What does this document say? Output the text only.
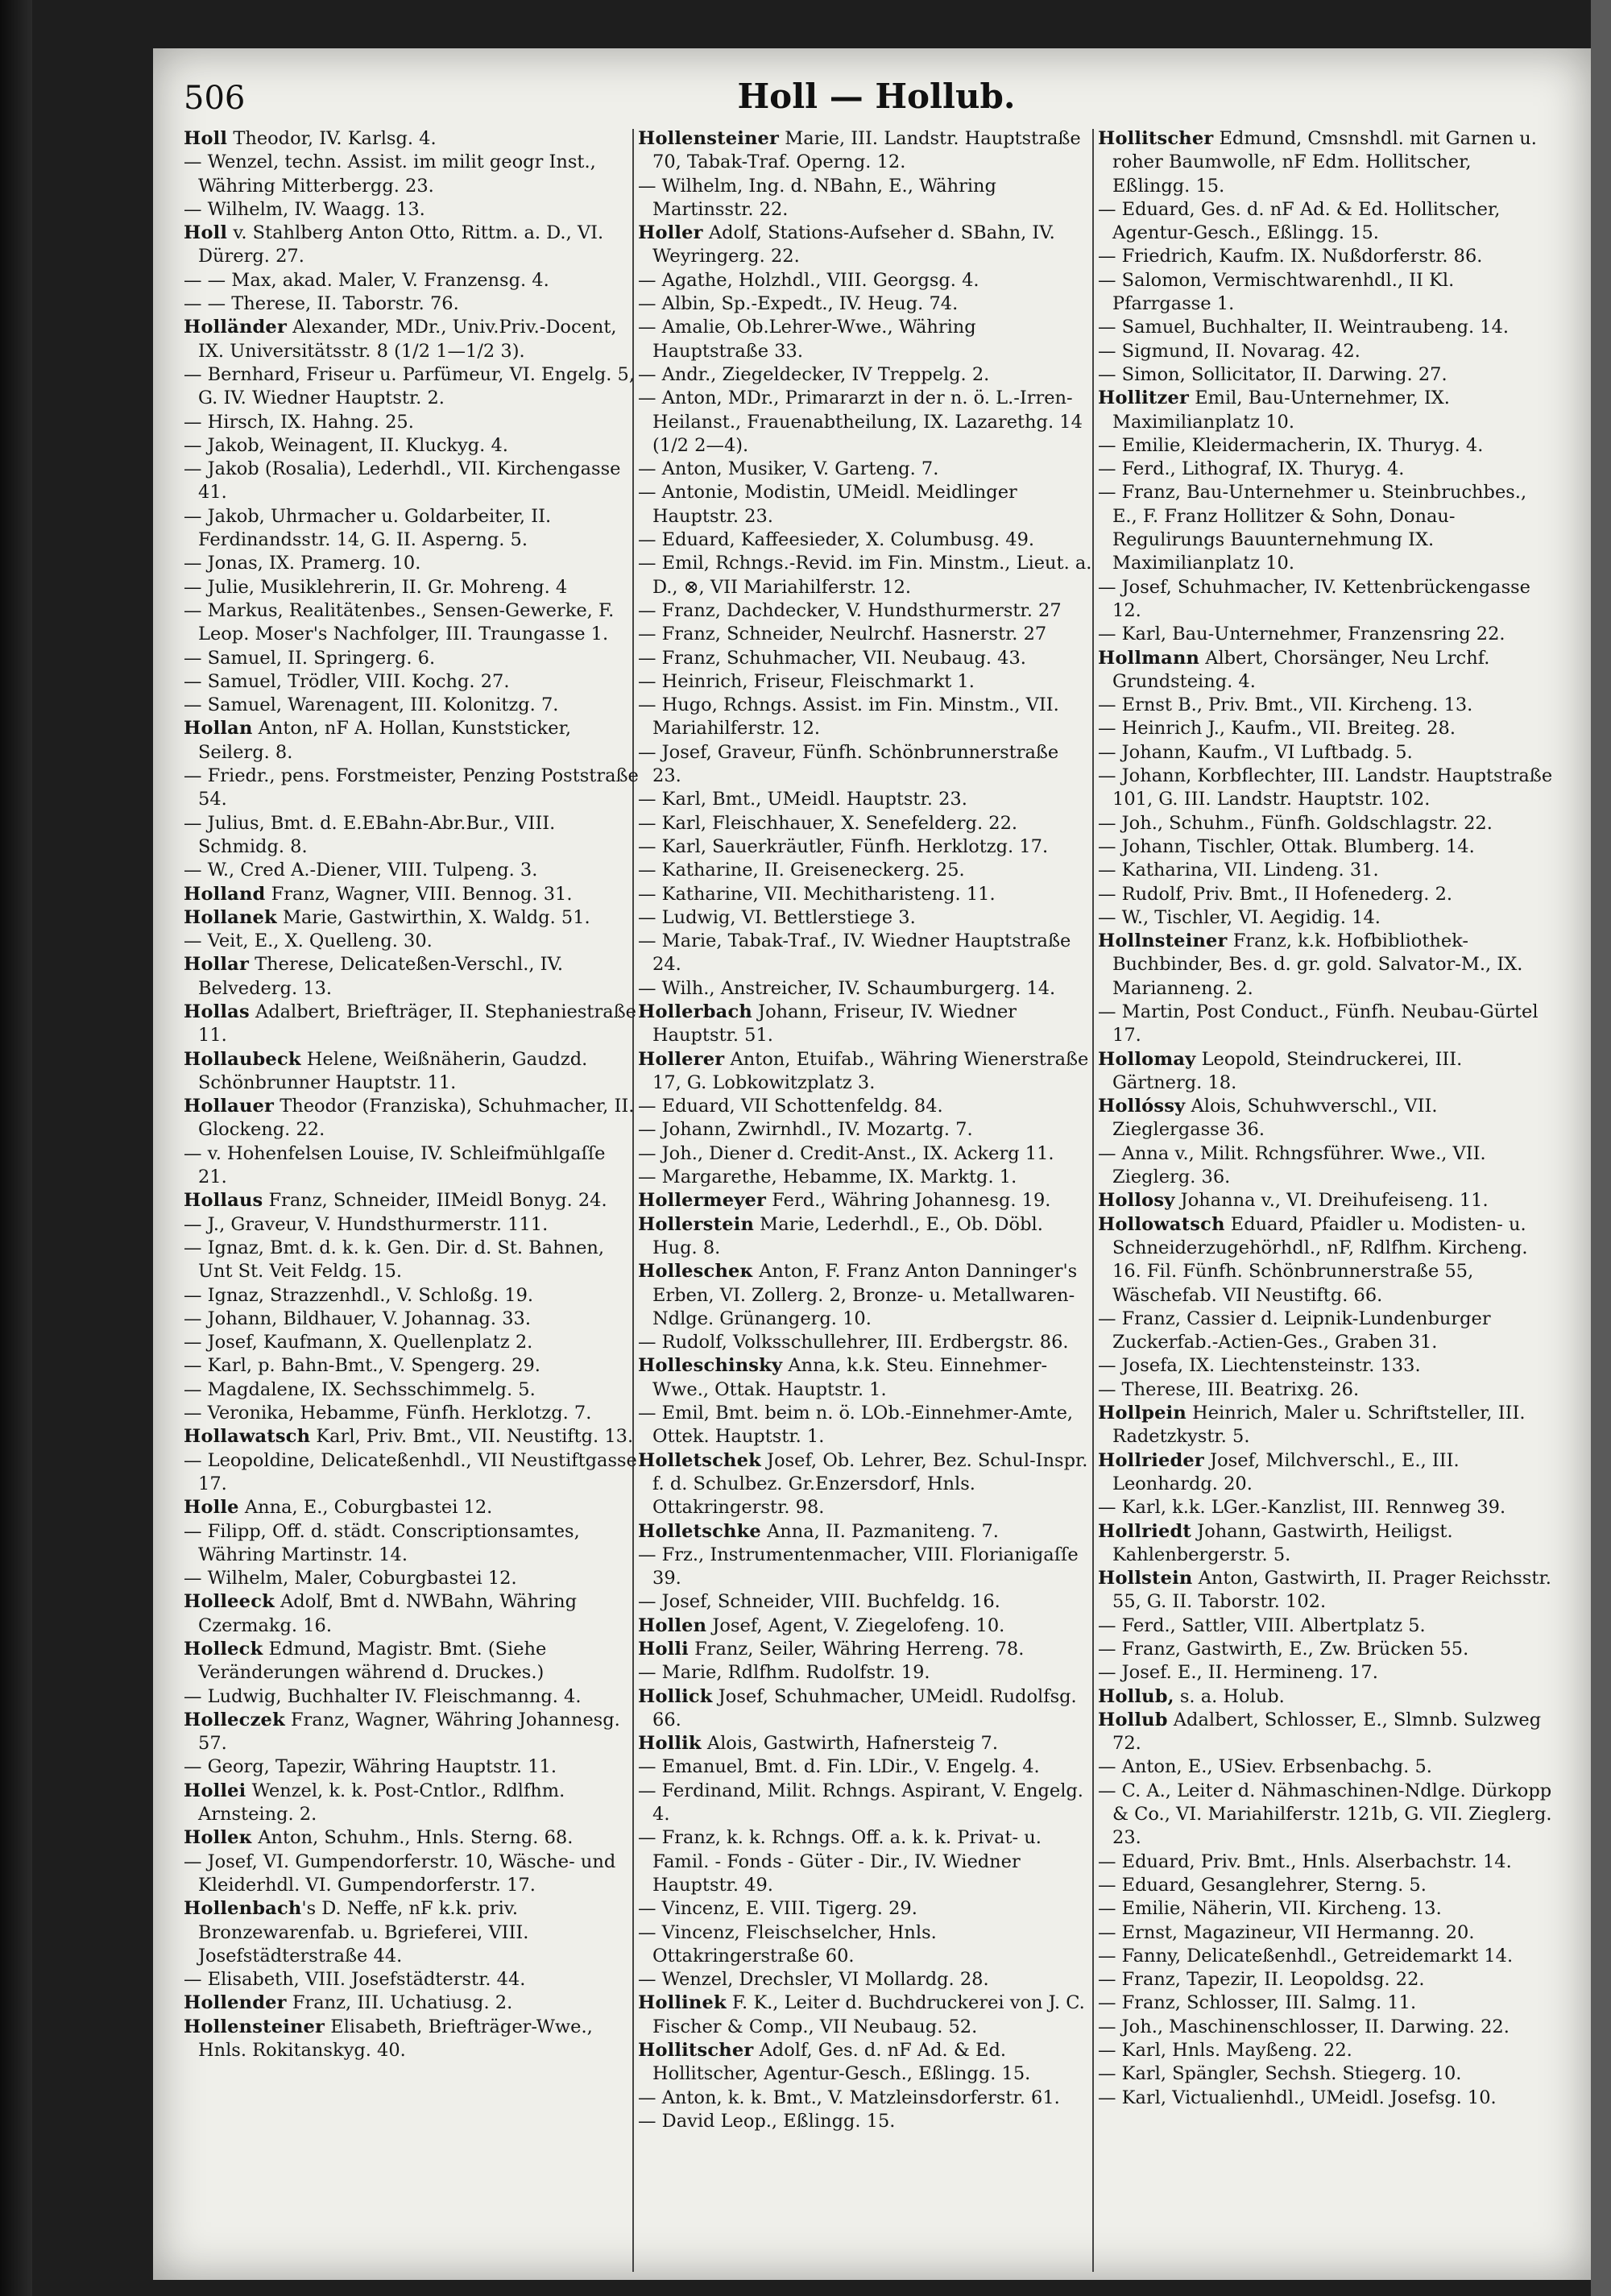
506	Holl — Hollub.

Holl Theodor, IV. Karlsg. 4.

— Wenzel, techn. Assist. im milit geogr Inst., Währing Mitterbergg. 23.

— Wilhelm, IV. Waagg. 13.

Holl v. Stahlberg Anton Otto, Rittm. a. D., VI. Dürerg. 27.

— — Max, akad. Maler, V. Franzensg. 4.

— — Therese, II. Taborstr. 76.

Holländer Alexander, MDr., Univ.Priv.-Docent, IX. Universitätsstr. 8 (1/2 1—1/2 3).

— Bernhard, Friseur u. Parfümeur, VI. Engelg. 5, G. IV. Wiedner Hauptstr. 2.

— Hirsch, IX. Hahng. 25.

— Jakob, Weinagent, II. Kluckyg. 4.

— Jakob (Rosalia), Lederhdl., VII. Kirchengasse 41.

— Jakob, Uhrmacher u. Goldarbeiter, II. Ferdinandsstr. 14, G. II. Asperng. 5.

— Jonas, IX. Pramerg. 10.

— Julie, Musiklehrerin, II. Gr. Mohreng. 4

— Markus, Realitätenbes., Sensen-Gewerke, F. Leop. Moser's Nachfolger, III. Traungasse 1.

— Samuel, II. Springerg. 6.

— Samuel, Trödler, VIII. Kochg. 27.

— Samuel, Warenagent, III. Kolonitzg. 7.

Hollan Anton, nF A. Hollan, Kunststicker, Seilerg. 8.

— Friedr., pens. Forstmeister, Penzing Poststraße 54.

— Julius, Bmt. d. E.EBahn-Abr.Bur., VIII. Schmidg. 8.

— W., Cred A.-Diener, VIII. Tulpeng. 3.

Holland Franz, Wagner, VIII. Bennog. 31.

Hollanek Marie, Gastwirthin, X. Waldg. 51.

— Veit, E., X. Quelleng. 30.

Hollar Therese, Delicateßen-Verschl., IV. Belvederg. 13.

Hollas Adalbert, Briefträger, II. Stephaniestraße 11.

Hollaubeck Helene, Weißnäherin, Gaudzd. Schönbrunner Hauptstr. 11.

Hollauer Theodor (Franziska), Schuhmacher, II. Glockeng. 22.

— v. Hohenfelsen Louise, IV. Schleifmühlgaſſe 21.

Hollaus Franz, Schneider, IIMeidl Bonyg. 24.

— J., Graveur, V. Hundsthurmerstr. 111.

— Ignaz, Bmt. d. k. k. Gen. Dir. d. St. Bahnen, Unt St. Veit Feldg. 15.

— Ignaz, Strazzenhdl., V. Schloßg. 19.

— Johann, Bildhauer, V. Johannag. 33.

— Josef, Kaufmann, X. Quellenplatz 2.

— Karl, p. Bahn-Bmt., V. Spengerg. 29.

— Magdalene, IX. Sechsschimmelg. 5.

— Veronika, Hebamme, Fünfh. Herklotzg. 7.

Hollawatsch Karl, Priv. Bmt., VII. Neustiftg. 13.

— Leopoldine, Delicateßenhdl., VII Neustiftgasse 17.

Holle Anna, E., Coburgbastei 12.

— Filipp, Off. d. städt. Conscriptionsamtes, Währing Martinstr. 14.

— Wilhelm, Maler, Coburgbastei 12.

Holleeck Adolf, Bmt d. NWBahn, Währing Czermakg. 16.

Holleck Edmund, Magistr. Bmt. (Siehe Veränderungen während d. Druckes.)

— Ludwig, Buchhalter IV. Fleischmanng. 4.

Holleczek Franz, Wagner, Währing Johannesg. 57.

— Georg, Tapezir, Währing Hauptstr. 11.

Hollei Wenzel, k. k. Post-Cntlor., Rdlfhm. Arnsteing. 2.

Holleк Anton, Schuhm., Hnls. Sterng. 68.

— Josef, VI. Gumpendorferstr. 10, Wäsche- und Kleiderhdl. VI. Gumpendorferstr. 17.

Hollenbach's D. Neffe, nF k.k. priv. Bronzewarenfab. u. Bgrieferei, VIII. Josefstädterstraße 44.

— Elisabeth, VIII. Josefstädterstr. 44.

Hollender Franz, III. Uchatiusg. 2.

Hollensteiner Elisabeth, Briefträger-Wwe., Hnls. Rokitanskyg. 40.

Hollensteiner Marie, III. Landstr. Hauptstraße 70, Tabak-Traf. Operng. 12.

— Wilhelm, Ing. d. NBahn, E., Währing Martinsstr. 22.

Holler Adolf, Stations-Aufseher d. SBahn, IV. Weyringerg. 22.

— Agathe, Holzhdl., VIII. Georgsg. 4.

— Albin, Sp.-Expedt., IV. Heug. 74.

— Amalie, Ob.Lehrer-Wwe., Währing Hauptstraße 33.

— Andr., Ziegeldecker, IV Treppelg. 2.

— Anton, MDr., Primararzt in der n. ö. L.-Irren-Heilanst., Frauenabtheilung, IX. Lazarethg. 14 (1/2 2—4).

— Anton, Musiker, V. Garteng. 7.

— Antonie, Modistin, UMeidl. Meidlinger Hauptstr. 23.

— Eduard, Kaffeesieder, X. Columbusg. 49.

— Emil, Rchngs.-Revid. im Fin. Minstm., Lieut. a. D., ⊗, VII Mariahilferstr. 12.

— Franz, Dachdecker, V. Hundsthurmerstr. 27

— Franz, Schneider, Neulrchf. Hasnerstr. 27

— Franz, Schuhmacher, VII. Neubaug. 43.

— Heinrich, Friseur, Fleischmarkt 1.

— Hugo, Rchngs. Assist. im Fin. Minstm., VII. Mariahilferstr. 12.

— Josef, Graveur, Fünfh. Schönbrunnerstraße 23.

— Karl, Bmt., UMeidl. Hauptstr. 23.

— Karl, Fleischhauer, X. Senefelderg. 22.

— Karl, Sauerkräutler, Fünfh. Herklotzg. 17.

— Katharine, II. Greiseneckerg. 25.

— Katharine, VII. Mechitharisteng. 11.

— Ludwig, VI. Bettlerstiege 3.

— Marie, Tabak-Traf., IV. Wiedner Hauptstraße 24.

— Wilh., Anstreicher, IV. Schaumburgerg. 14.

Hollerbach Johann, Friseur, IV. Wiedner Hauptstr. 51.

Hollerer Anton, Etuifab., Währing Wienerstraße 17, G. Lobkowitzplatz 3.

— Eduard, VII Schottenfeldg. 84.

— Johann, Zwirnhdl., IV. Mozartg. 7.

— Joh., Diener d. Credit-Anst., IX. Ackerg 11.

— Margarethe, Hebamme, IX. Marktg. 1.

Hollermeyer Ferd., Währing Johannesg. 19.

Hollerstein Marie, Lederhdl., E., Ob. Döbl. Hug. 8.

Hollescheк Anton, F. Franz Anton Danninger's Erben, VI. Zollerg. 2, Bronze- u. Metallwaren-Ndlge. Grünangerg. 10.

— Rudolf, Volksschullehrer, III. Erdbergstr. 86.

Holleschinsky Anna, k.k. Steu. Einnehmer-Wwe., Ottak. Hauptstr. 1.

— Emil, Bmt. beim n. ö. LOb.-Einnehmer-Amte, Ottek. Hauptstr. 1.

Holletschek Josef, Ob. Lehrer, Bez. Schul-Inspr. f. d. Schulbez. Gr.Enzersdorf, Hnls. Ottakringerstr. 98.

Holletschke Anna, II. Pazmaniteng. 7.

— Frz., Instrumentenmacher, VIII. Florianigaſſe 39.

— Josef, Schneider, VIII. Buchfeldg. 16.

Hollen Josef, Agent, V. Ziegelofeng. 10.

Holli Franz, Seiler, Währing Herreng. 78.

— Marie, Rdlfhm. Rudolfstr. 19.

Hollick Josef, Schuhmacher, UMeidl. Rudolfsg. 66.

Hollik Alois, Gastwirth, Hafnersteig 7.

— Emanuel, Bmt. d. Fin. LDir., V. Engelg. 4.

— Ferdinand, Milit. Rchngs. Aspirant, V. Engelg. 4.

— Franz, k. k. Rchngs. Off. a. k. k. Privat- u. Famil. - Fonds - Güter - Dir., IV. Wiedner Hauptstr. 49.

— Vincenz, E. VIII. Tigerg. 29.

— Vincenz, Fleischselcher, Hnls. Ottakringerstraße 60.

— Wenzel, Drechsler, VI Mollardg. 28.

Hollinek F. K., Leiter d. Buchdruckerei von J. C. Fischer & Comp., VII Neubaug. 52.

Hollitscher Adolf, Ges. d. nF Ad. & Ed. Hollitscher, Agentur-Gesch., Eßlingg. 15.

— Anton, k. k. Bmt., V. Matzleinsdorferstr. 61.

— David Leop., Eßlingg. 15.

Hollitscher Edmund, Cmsnshdl. mit Garnen u. roher Baumwolle, nF Edm. Hollitscher, Eßlingg. 15.

— Eduard, Ges. d. nF Ad. & Ed. Hollitscher, Agentur-Gesch., Eßlingg. 15.

— Friedrich, Kaufm. IX. Nußdorferstr. 86.

— Salomon, Vermischtwarenhdl., II Kl. Pfarrgasse 1.

— Samuel, Buchhalter, II. Weintraubeng. 14.

— Sigmund, II. Novarag. 42.

— Simon, Sollicitator, II. Darwing. 27.

Hollitzer Emil, Bau-Unternehmer, IX. Maximilianplatz 10.

— Emilie, Kleidermacherin, IX. Thuryg. 4.

— Ferd., Lithograf, IX. Thuryg. 4.

— Franz, Bau-Unternehmer u. Steinbruchbes., E., F. Franz Hollitzer & Sohn, Donau-Regulirungs Bauunternehmung IX. Maximilianplatz 10.

— Josef, Schuhmacher, IV. Kettenbrückengasse 12.

— Karl, Bau-Unternehmer, Franzensring 22.

Hollmann Albert, Chorsänger, Neu Lrchf. Grundsteing. 4.

— Ernst B., Priv. Bmt., VII. Kircheng. 13.

— Heinrich J., Kaufm., VII. Breiteg. 28.

— Johann, Kaufm., VI Luftbadg. 5.

— Johann, Korbflechter, III. Landstr. Hauptstraße 101, G. III. Landstr. Hauptstr. 102.

— Joh., Schuhm., Fünfh. Goldschlagstr. 22.

— Johann, Tischler, Ottak. Blumberg. 14.

— Katharina, VII. Lindeng. 31.

— Rudolf, Priv. Bmt., II Hofenederg. 2.

— W., Tischler, VI. Aegidig. 14.

Hollnsteiner Franz, k.k. Hofbibliothek-Buchbinder, Bes. d. gr. gold. Salvator-M., IX. Marianneng. 2.

— Martin, Post Conduct., Fünfh. Neubau-Gürtel 17.

Hollomay Leopold, Steindruckerei, III. Gärtnerg. 18.

Hollóssy Alois, Schuhwverschl., VII. Zieglergasse 36.

— Anna v., Milit. Rchngsführer. Wwe., VII. Zieglerg. 36.

Hollosy Johanna v., VI. Dreihufeiseng. 11.

Hollowatsch Eduard, Pfaidler u. Modisten- u. Schneiderzugehörhdl., nF, Rdlfhm. Kircheng. 16. Fil. Fünfh. Schönbrunnerstraße 55, Wäschefab. VII Neustiftg. 66.

— Franz, Cassier d. Leipnik-Lundenburger Zuckerfab.-Actien-Ges., Graben 31.

— Josefa, IX. Liechtensteinstr. 133.

— Therese, III. Beatrixg. 26.

Hollpein Heinrich, Maler u. Schriftsteller, III. Radetzkystr. 5.

Hollrieder Josef, Milchverschl., E., III. Leonhardg. 20.

— Karl, k.k. LGer.-Kanzlist, III. Rennweg 39.

Hollriedt Johann, Gastwirth, Heiligst. Kahlenbergerstr. 5.

Hollstein Anton, Gastwirth, II. Prager Reichsstr. 55, G. II. Taborstr. 102.

— Ferd., Sattler, VIII. Albertplatz 5.

— Franz, Gastwirth, E., Zw. Brücken 55.

— Josef. E., II. Hermineng. 17.

Hollub, s. a. Holub.

Hollub Adalbert, Schlosser, E., Slmnb. Sulzweg 72.

— Anton, E., USiev. Erbsenbachg. 5.

— C. A., Leiter d. Nähmaschinen-Ndlge. Dürkopp & Co., VI. Mariahilferstr. 121b, G. VII. Zieglerg. 23.

— Eduard, Priv. Bmt., Hnls. Alserbachstr. 14.

— Eduard, Gesanglehrer, Sterng. 5.

— Emilie, Näherin, VII. Kircheng. 13.

— Ernst, Magazineur, VII Hermanng. 20.

— Fanny, Delicateßenhdl., Getreidemarkt 14.

— Franz, Tapezir, II. Leopoldsg. 22.

— Franz, Schlosser, III. Salmg. 11.

— Joh., Maschinenschlosser, II. Darwing. 22.

— Karl, Hnls. Mayßeng. 22.

— Karl, Spängler, Sechsh. Stiegerg. 10.

— Karl, Victualienhdl., UMeidl. Josefsg. 10.
